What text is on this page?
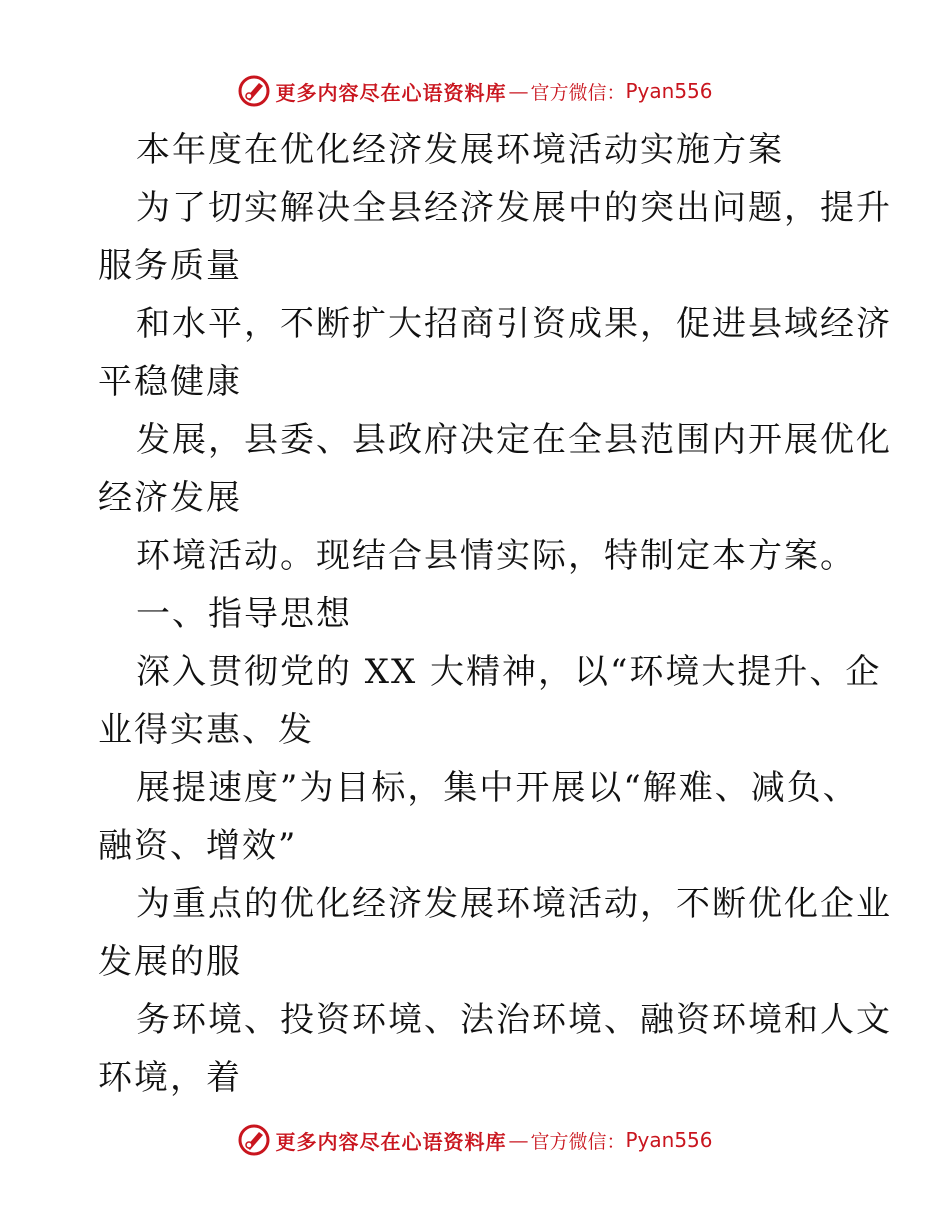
更多内容尽在心语资料库 — 官方微信： Pyan556
本年度在优化经济发展环境活动实施方案
为了切实解决全县经济发展中的突出问题，提升
服务质量
和水平，不断扩大招商引资成果，促进县域经济
平稳健康
发展，县委、县政府决定在全县范围内开展优化
经济发展
环境活动。现结合县情实际，特制定本方案。
一、指导思想
深入贯彻党的 XX 大精神，以“环境大提升、企
业得实惠、发
展提速度”为目标，集中开展以“解难、减负、
融资、增效”
为重点的优化经济发展环境活动，不断优化企业
发展的服
务环境、投资环境、法治环境、融资环境和人文
环境，着
更多内容尽在心语资料库 — 官方微信： Pyan556
